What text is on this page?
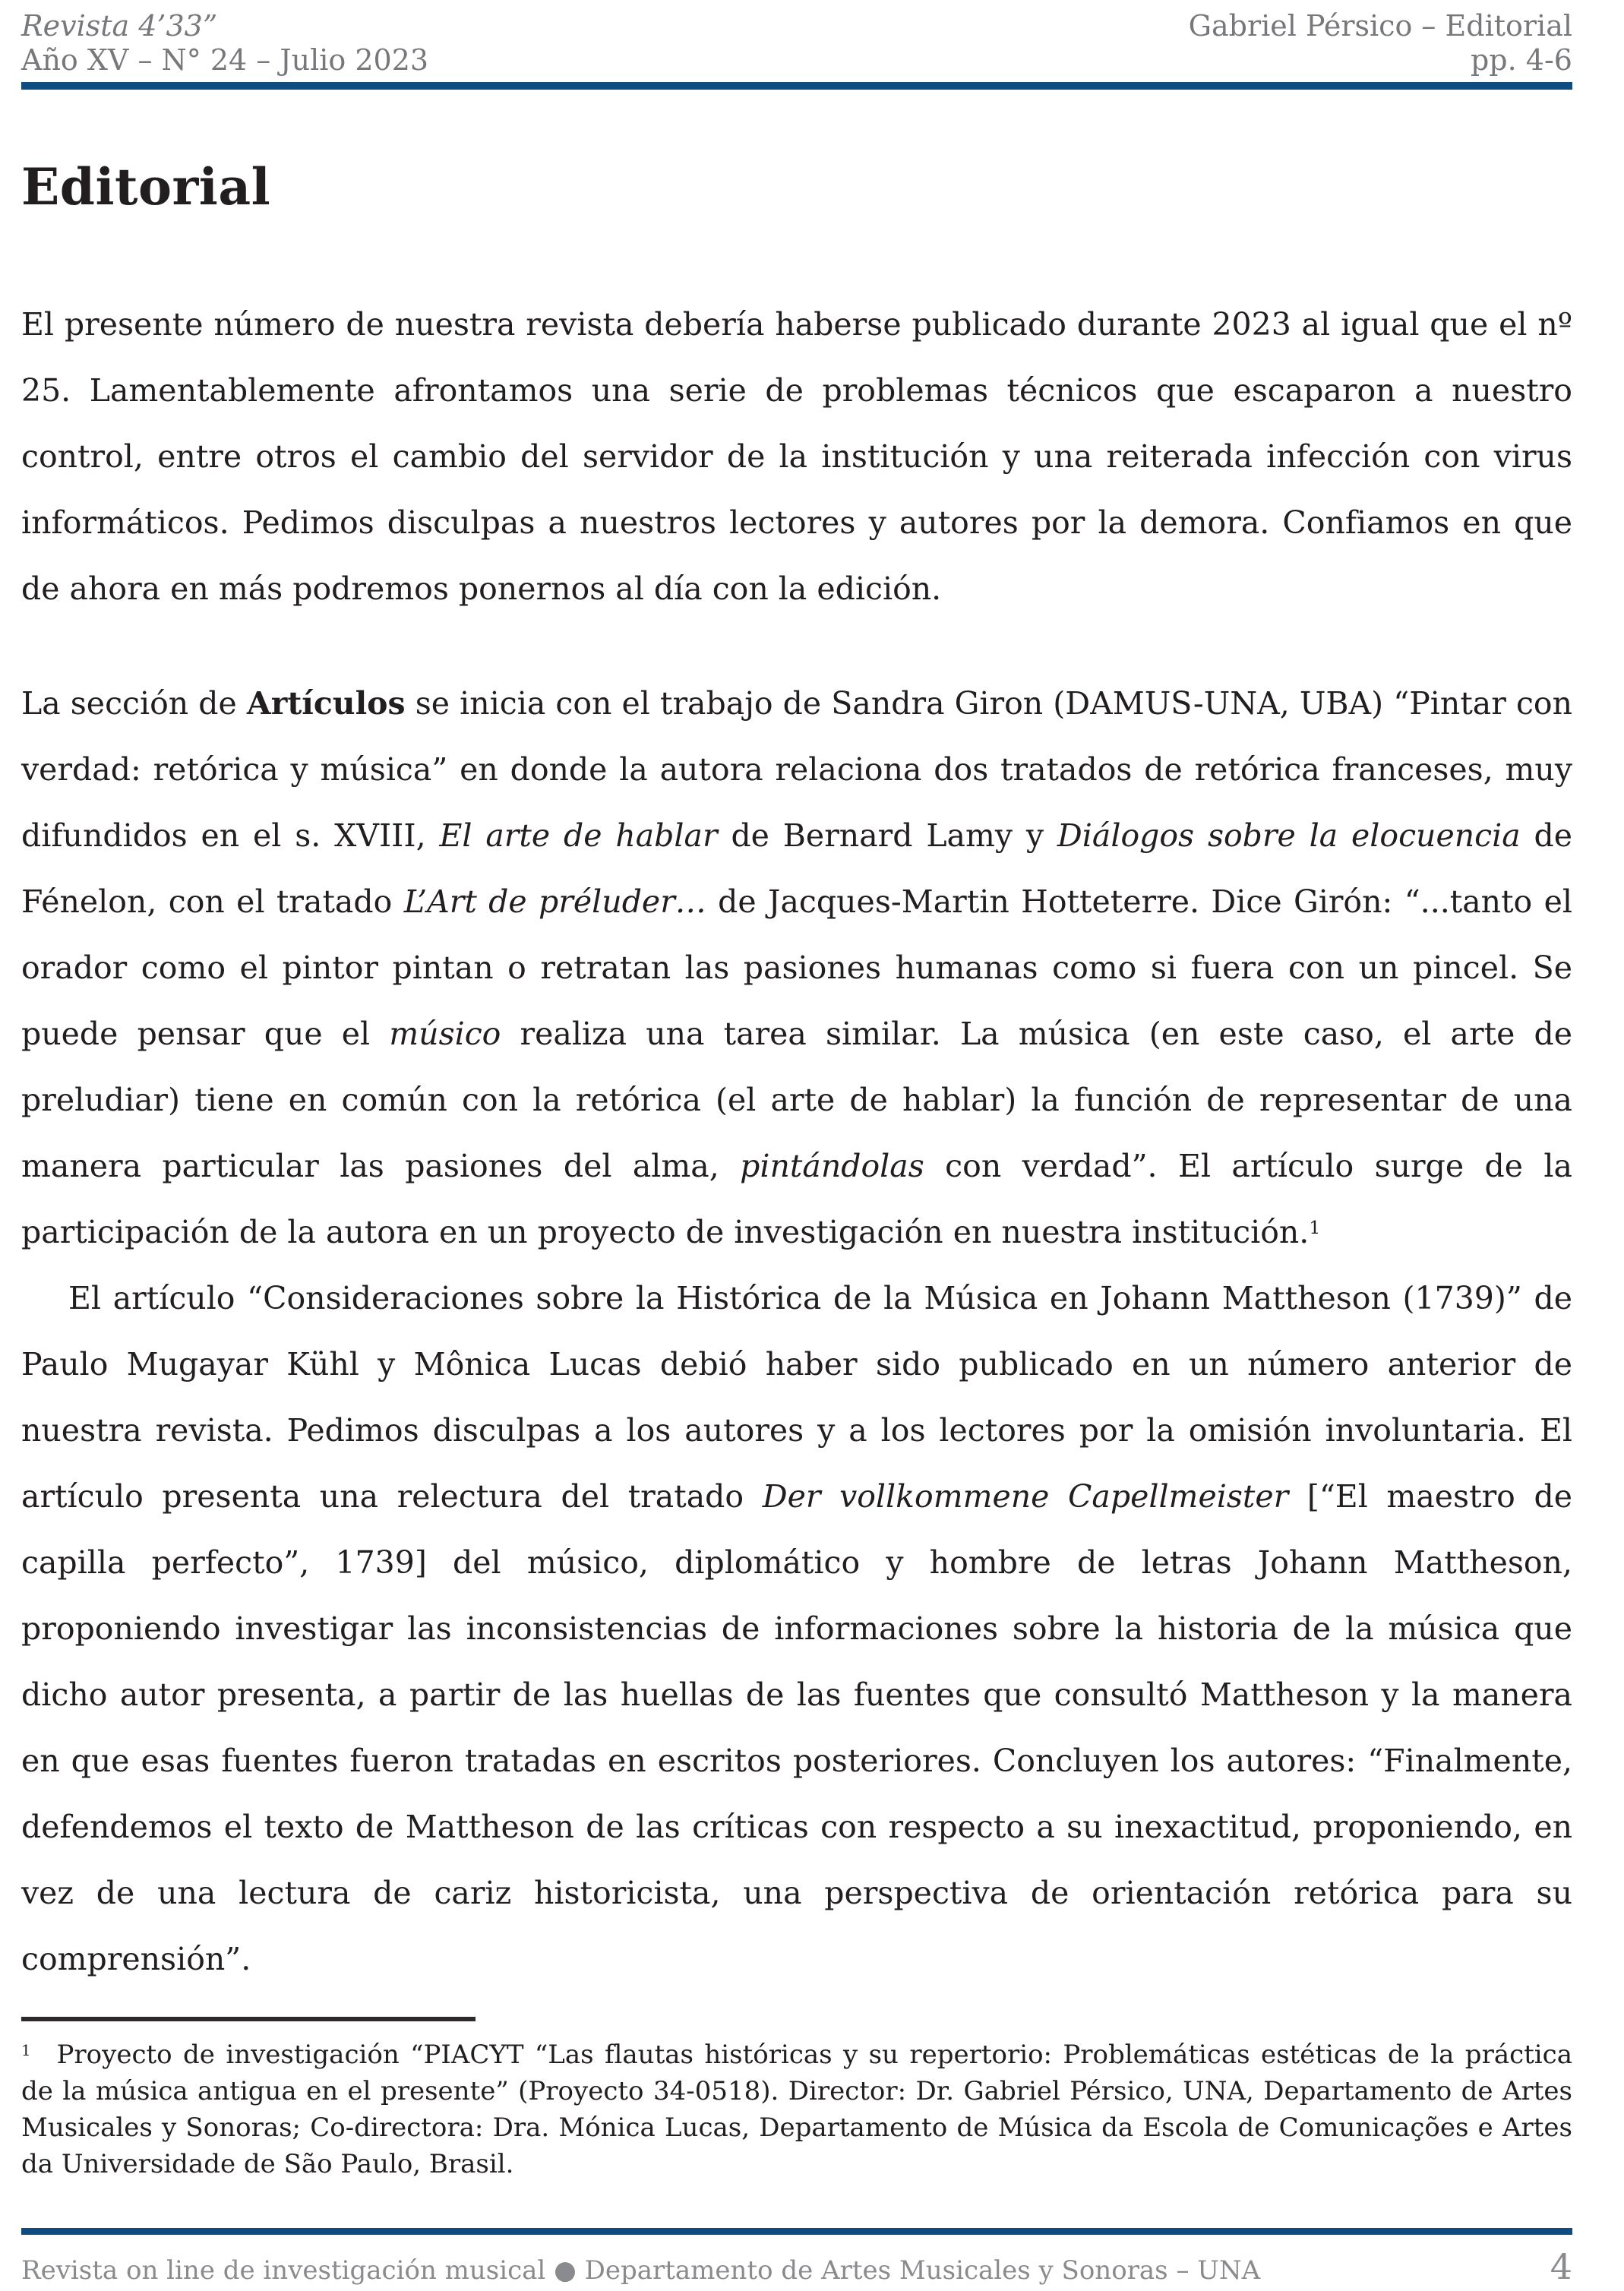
Revista 4’33”
Año XV – N° 24 – Julio 2023
Gabriel Pérsico – Editorial
pp. 4-6
Editorial

El presente número de nuestra revista debería haberse publicado durante 2023 al igual que el nº 25. Lamentablemente afrontamos una serie de problemas técnicos que escaparon a nuestro control, entre otros el cambio del servidor de la institución y una reiterada infección con virus informáticos. Pedimos disculpas a nuestros lectores y autores por la demora. Confiamos en que de ahora en más podremos ponernos al día con la edición.

La sección de Artículos se inicia con el trabajo de Sandra Giron (DAMUS-UNA, UBA) “Pintar con verdad: retórica y música” en donde la autora relaciona dos tratados de retórica franceses, muy difundidos en el s. XVIII, El arte de hablar de Bernard Lamy y Diálogos sobre la elocuencia de Fénelon, con el tratado L’Art de préluder… de Jacques-Martin Hotteterre. Dice Girón: “...tanto el orador como el pintor pintan o retratan las pasiones humanas como si fuera con un pincel. Se puede pensar que el músico realiza una tarea similar. La música (en este caso, el arte de preludiar) tiene en común con la retórica (el arte de hablar) la función de representar de una manera particular las pasiones del alma, pintándolas con verdad”. El artículo surge de la participación de la autora en un proyecto de investigación en nuestra institución.$^1$

El artículo “Consideraciones sobre la Histórica de la Música en Johann Mattheson (1739)” de Paulo Mugayar Kühl y Mônica Lucas debió haber sido publicado en un número anterior de nuestra revista. Pedimos disculpas a los autores y a los lectores por la omisión involuntaria. El artículo presenta una relectura del tratado Der vollkommene Capellmeister [“El maestro de capilla perfecto”, 1739] del músico, diplomático y hombre de letras Johann Mattheson, proponiendo investigar las inconsistencias de informaciones sobre la historia de la música que dicho autor presenta, a partir de las huellas de las fuentes que consultó Mattheson y la manera en que esas fuentes fueron tratadas en escritos posteriores. Concluyen los autores: “Finalmente, defendemos el texto de Mattheson de las críticas con respecto a su inexactitud, proponiendo, en vez de una lectura de cariz historicista, una perspectiva de orientación retórica para su comprensión”.

$^1$ Proyecto de investigación “PIACYT “Las flautas históricas y su repertorio: Problemáticas estéticas de la práctica de la música antigua en el presente” (Proyecto 34-0518). Director: Dr. Gabriel Pérsico, UNA, Departamento de Artes Musicales y Sonoras; Co-directora: Dra. Mónica Lucas, Departamento de Música da Escola de Comunicações e Artes da Universidade de São Paulo, Brasil.
Revista on line de investigación musical ● Departamento de Artes Musicales y Sonoras – UNA	4
